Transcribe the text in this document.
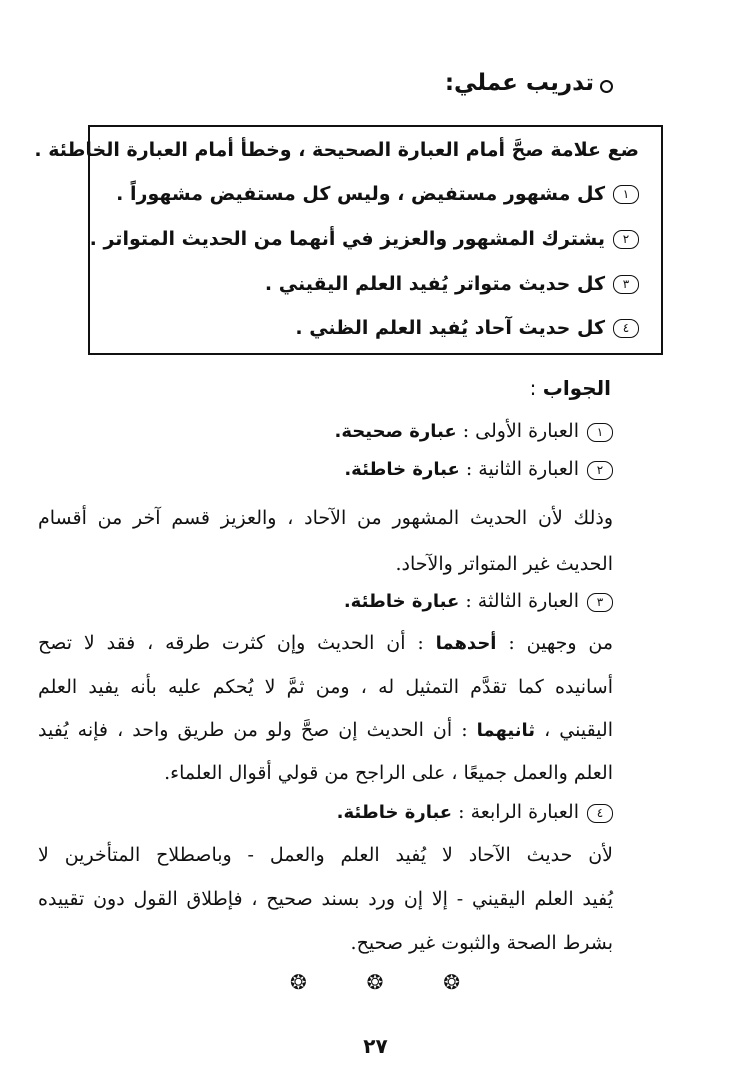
تدريب عملي:
ضع علامة صحَّ أمام العبارة الصحيحة ، وخطأ أمام العبارة الخاطئة .
١كل مشهور مستفيض ، وليس كل مستفيض مشهوراً .
٢يشترك المشهور والعزيز في أنهما من الحديث المتواتر .
٣كل حديث متواتر يُفيد العلم اليقيني .
٤كل حديث آحاد يُفيد العلم الظني .
الجواب :
١العبارة الأولى : عبارة صحيحة.
٢العبارة الثانية : عبارة خاطئة.
وذلك لأن الحديث المشهور من الآحاد ، والعزيز قسم آخر من أقسام
الحديث غير المتواتر والآحاد.
٣العبارة الثالثة : عبارة خاطئة.
من وجهين : أحدهما : أن الحديث وإن كثرت طرقه ، فقد لا تصح
أسانيده كما تقدَّم التمثيل له ، ومن ثمَّ لا يُحكم عليه بأنه يفيد العلم
اليقيني ، ثانيهما : أن الحديث إن صحَّ ولو من طريق واحد ، فإنه يُفيد
العلم والعمل جميعًا ، على الراجح من قولي أقوال العلماء.
٤العبارة الرابعة : عبارة خاطئة.
لأن حديث الآحاد لا يُفيد العلم والعمل - وباصطلاح المتأخرين لا
يُفيد العلم اليقيني - إلا إن ورد بسند صحيح ، فإطلاق القول دون تقييده
بشرط الصحة والثبوت غير صحيح.
❂	❂	❂
٢٧
